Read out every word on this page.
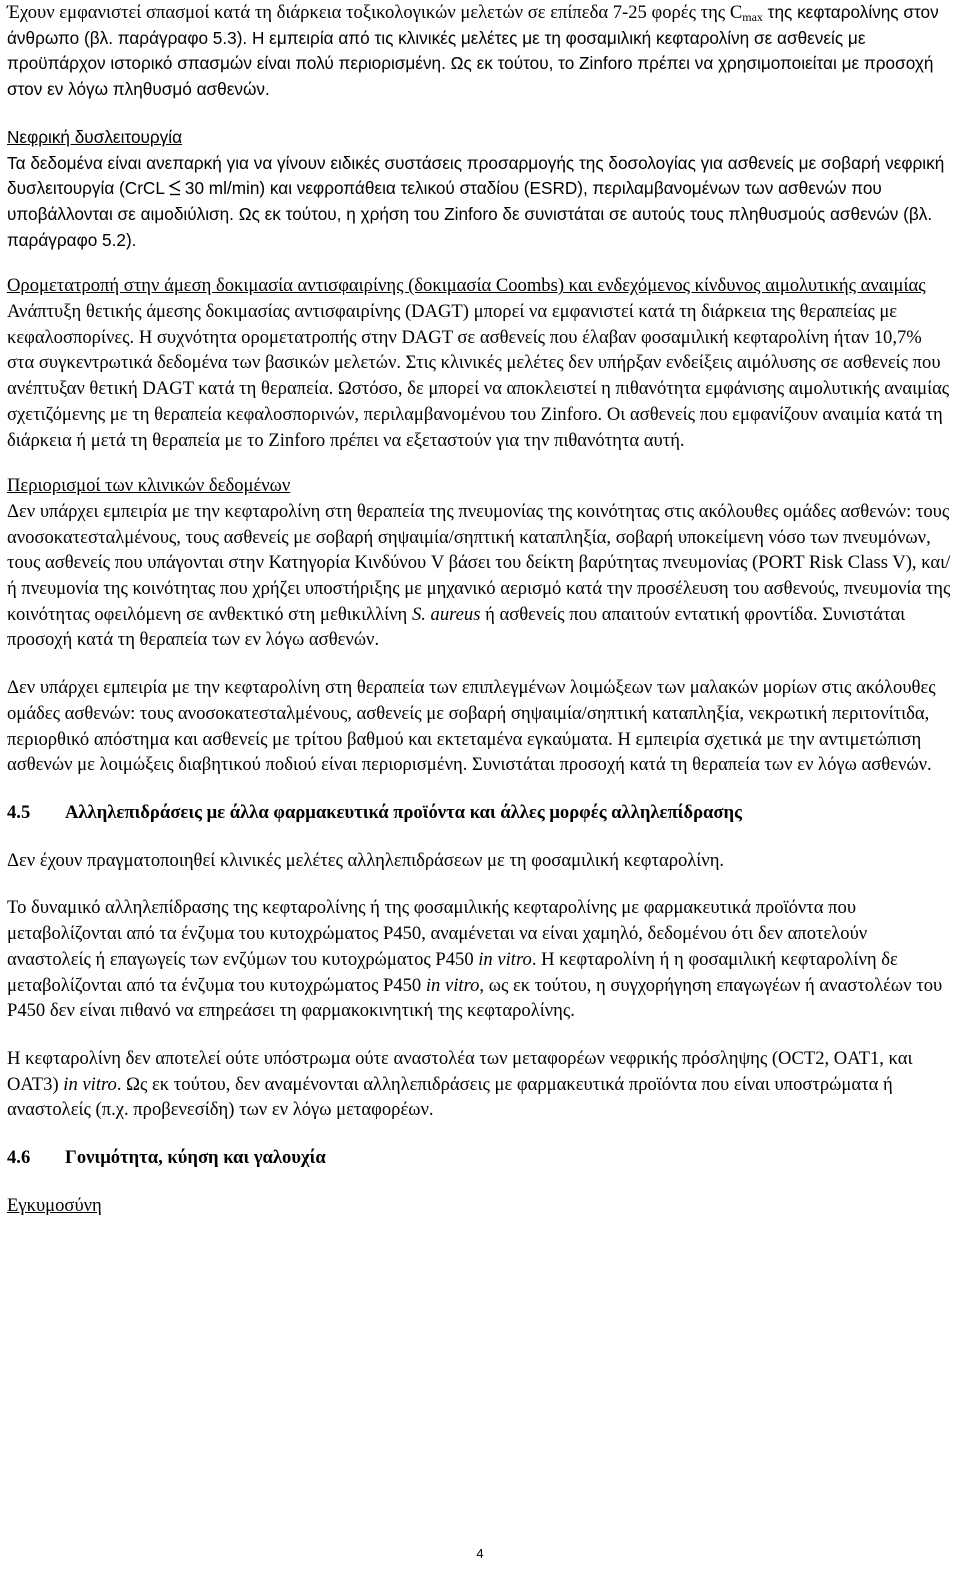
Έχουν εμφανιστεί σπασμοί κατά τη διάρκεια τοξικολογικών μελετών σε επίπεδα 7-25 φορές της $C_{max}$ της κεφταρολίνης στον άνθρωπο (βλ. παράγραφο 5.3). Η εμπειρία από τις κλινικές μελέτες με τη φοσαμιλική κεφταρολίνη σε ασθενείς με προϋπάρχον ιστορικό σπασμών είναι πολύ περιορισμένη. Ως εκ τούτου, το Zinforo πρέπει να χρησιμοποιείται με προσοχή στον εν λόγω πληθυσμό ασθενών.

Νεφρική δυσλειτουργία

Τα δεδομένα είναι ανεπαρκή για να γίνουν ειδικές συστάσεις προσαρμογής της δοσολογίας για ασθενείς με σοβαρή νεφρική δυσλειτουργία (CrCL 30 ml/min) και νεφροπάθεια τελικού σταδίου (ESRD), περιλαμβανομένων των ασθενών που υποβάλλονται σε αιμοδιύλιση. Ως εκ τούτου, η χρήση του Zinforo δε συνιστάται σε αυτούς τους πληθυσμούς ασθενών (βλ. παράγραφο 5.2).

Ορομετατροπή στην άμεση δοκιμασία αντισφαιρίνης (δοκιμασία Coombs) και ενδεχόμενος κίνδυνος αιμολυτικής αναιμίας

Ανάπτυξη θετικής άμεσης δοκιμασίας αντισφαιρίνης (DAGT) μπορεί να εμφανιστεί κατά τη διάρκεια της θεραπείας με κεφαλοσπορίνες. Η συχνότητα ορομετατροπής στην DAGT σε ασθενείς που έλαβαν φοσαμιλική κεφταρολίνη ήταν 10,7% στα συγκεντρωτικά δεδομένα των βασικών μελετών. Στις κλινικές μελέτες δεν υπήρξαν ενδείξεις αιμόλυσης σε ασθενείς που ανέπτυξαν θετική DAGT κατά τη θεραπεία. Ωστόσο, δε μπορεί να αποκλειστεί η πιθανότητα εμφάνισης αιμολυτικής αναιμίας σχετιζόμενης με τη θεραπεία κεφαλοσπορινών, περιλαμβανομένου του Zinforo. Οι ασθενείς που εμφανίζουν αναιμία κατά τη διάρκεια ή μετά τη θεραπεία με το Zinforo πρέπει να εξεταστούν για την πιθανότητα αυτή.

Περιορισμοί των κλινικών δεδομένων

Δεν υπάρχει εμπειρία με την κεφταρολίνη στη θεραπεία της πνευμονίας της κοινότητας στις ακόλουθες ομάδες ασθενών: τους ανοσοκατεσταλμένους, τους ασθενείς με σοβαρή σηψαιμία/σηπτική καταπληξία, σοβαρή υποκείμενη νόσο των πνευμόνων, τους ασθενείς που υπάγονται στην Κατηγορία Κινδύνου V βάσει του δείκτη βαρύτητας πνευμονίας (PORT Risk Class V), και/ή πνευμονία της κοινότητας που χρήζει υποστήριξης με μηχανικό αερισμό κατά την προσέλευση του ασθενούς, πνευμονία της κοινότητας οφειλόμενη σε ανθεκτικό στη μεθικιλλίνη S. aureus ή ασθενείς που απαιτούν εντατική φροντίδα. Συνιστάται προσοχή κατά τη θεραπεία των εν λόγω ασθενών.

Δεν υπάρχει εμπειρία με την κεφταρολίνη στη θεραπεία των επιπλεγμένων λοιμώξεων των μαλακών μορίων στις ακόλουθες ομάδες ασθενών: τους ανοσοκατεσταλμένους, ασθενείς με σοβαρή σηψαιμία/σηπτική καταπληξία, νεκρωτική περιτονίτιδα, περιορθικό απόστημα και ασθενείς με τρίτου βαθμού και εκτεταμένα εγκαύματα. Η εμπειρία σχετικά με την αντιμετώπιση ασθενών με λοιμώξεις διαβητικού ποδιού είναι περιορισμένη. Συνιστάται προσοχή κατά τη θεραπεία των εν λόγω ασθενών.

4.5	Αλληλεπιδράσεις με άλλα φαρμακευτικά προϊόντα και άλλες μορφές αλληλεπίδρασης

Δεν έχουν πραγματοποιηθεί κλινικές μελέτες αλληλεπιδράσεων με τη φοσαμιλική κεφταρολίνη.

Το δυναμικό αλληλεπίδρασης της κεφταρολίνης ή της φοσαμιλικής κεφταρολίνης με φαρμακευτικά προϊόντα που μεταβολίζονται από τα ένζυμα του κυτοχρώματος P450, αναμένεται να είναι χαμηλό, δεδομένου ότι δεν αποτελούν αναστολείς ή επαγωγείς των ενζύμων του κυτοχρώματος P450 in vitro. Η κεφταρολίνη ή η φοσαμιλική κεφταρολίνη δε μεταβολίζονται από τα ένζυμα του κυτοχρώματος P450 in vitro, ως εκ τούτου, η συγχορήγηση επαγωγέων ή αναστολέων του P450 δεν είναι πιθανό να επηρεάσει τη φαρμακοκινητική της κεφταρολίνης.

Η κεφταρολίνη δεν αποτελεί ούτε υπόστρωμα ούτε αναστολέα των μεταφορέων νεφρικής πρόσληψης (OCT2, OAT1, και OAT3) in vitro. Ως εκ τούτου, δεν αναμένονται αλληλεπιδράσεις με φαρμακευτικά προϊόντα που είναι υποστρώματα ή αναστολείς (π.χ. προβενεσίδη) των εν λόγω μεταφορέων.

4.6	Γονιμότητα, κύηση και γαλουχία

Εγκυμοσύνη

4
